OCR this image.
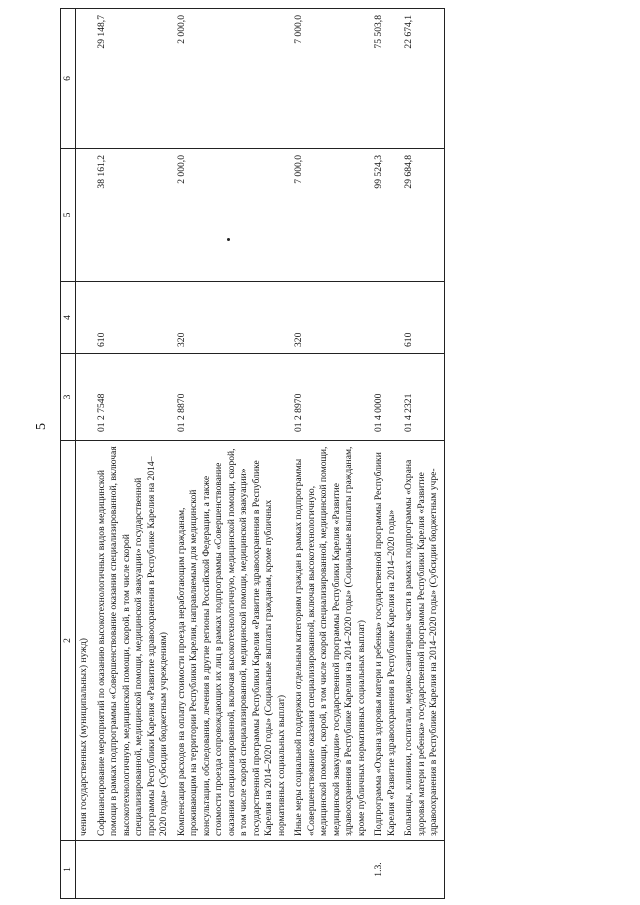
5
1	2	3	4	5	6
	чения государственных (муниципальных) нужд)				
	Софинансирование мероприятий по оказанию высокотехнологичных видов медицинской помощи в рамках подпрограммы «Совершенствование оказания специализированной, включая высокотехнологичную, медицинской помощи, скорой, в том числе скорой специализированной, медицинской помощи, медицинской эвакуации» государственной программы Республики Карелия «Развитие здравоохранения в Республике Карелия на 2014–2020 годы» (Субсидии бюджетным учреждениям)	01 2 7548	610	38 161,2	29 148,7
	Компенсация расходов на оплату стоимости проезда неработающим гражданам, проживающим на территории Республики Карелия, направляемым для медицинской консультации, обследования, лечения в другие регионы Российской Федерации, а также стоимости проезда сопровождающих их лиц в рамках подпрограммы «Совершенствование оказания специализированной, включая высокотехнологичную, медицинской помощи, скорой, в том числе скорой специализированной, медицинской помощи, медицинской эвакуации» государственной программы Республики Карелия «Развитие здравоохранения в Республике Карелия на 2014–2020 годы» (Социальные выплаты гражданам, кроме публичных нормативных социальных выплат)	01 2 8870	320	2 000,0	2 000,0
	Иные меры социальной поддержки отдельным категориям граждан в рамках подпрограммы «Совершенствование оказания специализированной, включая высокотехнологичную, медицинской помощи, скорой, в том числе скорой специализированной, медицинской помощи, медицинской эвакуации» государственной программы Республики Карелия «Развитие здравоохранения в Республике Карелия на 2014–2020 годы» (Социальные выплаты гражданам, кроме публичных нормативных социальных выплат)	01 2 8970	320	7 000,0	7 000,0
1.3.	Подпрограмма «Охрана здоровья матери и ребенка» государственной программы Республики Карелия «Развитие здравоохранения в Республике Карелия на 2014–2020 годы»	01 4 0000		99 524,3	75 503,8
	Больницы, клиники, госпитали, медико-санитарные части в рамках подпрограммы «Охрана здоровья матери и ребенка» государственной программы Республики Карелия «Развитие здравоохранения в Республике Карелия на 2014–2020 годы» (Субсидии бюджетным учре-	01 4 2321	610	29 684,8	22 674,1
